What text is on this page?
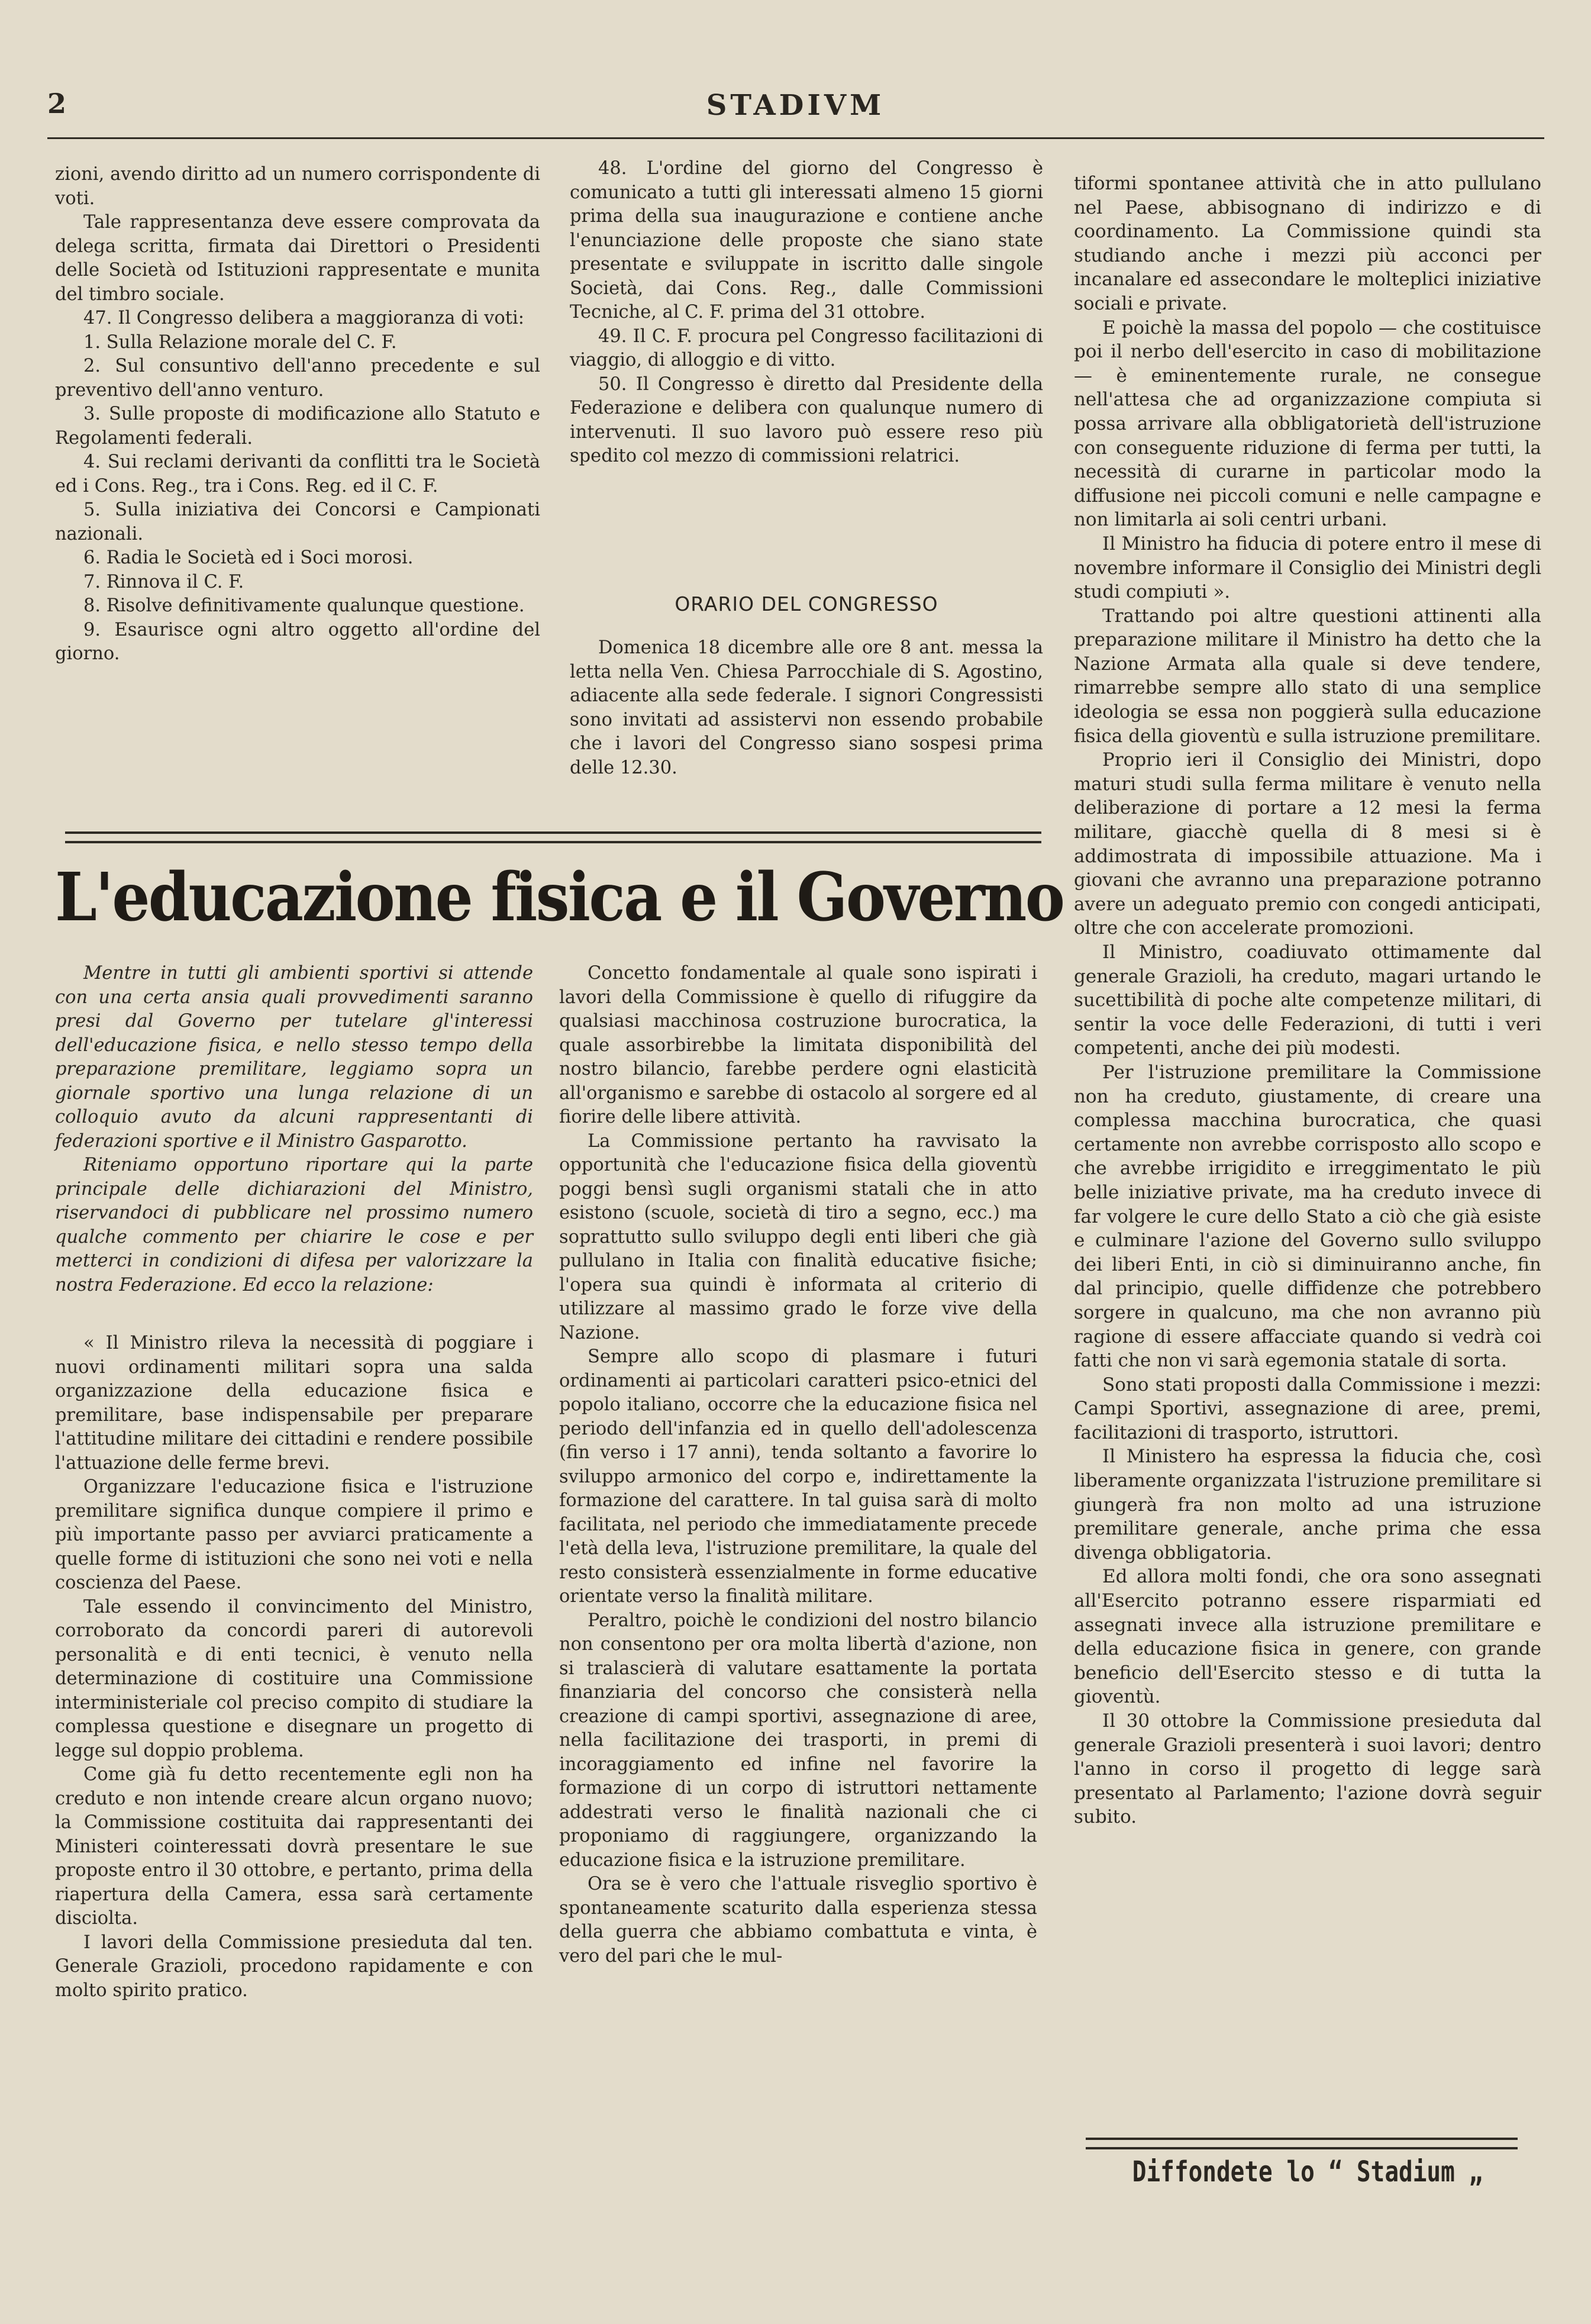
2	STADIVM

zioni, avendo diritto ad un numero corrispondente di voti.

Tale rappresentanza deve essere comprovata da delega scritta, firmata dai Direttori o Presidenti delle Società od Istituzioni rappresentate e munita del timbro sociale.

47. Il Congresso delibera a maggioranza di voti:

1. Sulla Relazione morale del C. F.

2. Sul consuntivo dell'anno precedente e sul preventivo dell'anno venturo.

3. Sulle proposte di modificazione allo Statuto e Regolamenti federali.

4. Sui reclami derivanti da conflitti tra le Società ed i Cons. Reg., tra i Cons. Reg. ed il C. F.

5. Sulla iniziativa dei Concorsi e Campionati nazionali.

6. Radia le Società ed i Soci morosi.

7. Rinnova il C. F.

8. Risolve definitivamente qualunque questione.

9. Esaurisce ogni altro oggetto all'ordine del giorno.

48. L'ordine del giorno del Congresso è comunicato a tutti gli interessati almeno 15 giorni prima della sua inaugurazione e contiene anche l'enunciazione delle proposte che siano state presentate e sviluppate in iscritto dalle singole Società, dai Cons. Reg., dalle Commissioni Tecniche, al C. F. prima del 31 ottobre.

49. Il C. F. procura pel Congresso facilitazioni di viaggio, di alloggio e di vitto.

50. Il Congresso è diretto dal Presidente della Federazione e delibera con qualunque numero di intervenuti. Il suo lavoro può essere reso più spedito col mezzo di commissioni relatrici.

ORARIO DEL CONGRESSO

Domenica 18 dicembre alle ore 8 ant. messa la letta nella Ven. Chiesa Parrocchiale di S. Agostino, adiacente alla sede federale. I signori Congressisti sono invitati ad assistervi non essendo probabile che i lavori del Congresso siano sospesi prima delle 12.30.

L'educazione fisica e il Governo

Mentre in tutti gli ambienti sportivi si attende con una certa ansia quali provvedimenti saranno presi dal Governo per tutelare gl'interessi dell'educazione fisica, e nello stesso tempo della preparazione premilitare, leggiamo sopra un giornale sportivo una lunga relazione di un colloquio avuto da alcuni rappresentanti di federazioni sportive e il Ministro Gasparotto.

Riteniamo opportuno riportare qui la parte principale delle dichiarazioni del Ministro, riservandoci di pubblicare nel prossimo numero qualche commento per chiarire le cose e per metterci in condizioni di difesa per valorizzare la nostra Federazione. Ed ecco la relazione:

« Il Ministro rileva la necessità di poggiare i nuovi ordinamenti militari sopra una salda organizzazione della educazione fisica e premilitare, base indispensabile per preparare l'attitudine militare dei cittadini e rendere possibile l'attuazione delle ferme brevi.

Organizzare l'educazione fisica e l'istruzione premilitare significa dunque compiere il primo e più importante passo per avviarci praticamente a quelle forme di istituzioni che sono nei voti e nella coscienza del Paese.

Tale essendo il convincimento del Ministro, corroborato da concordi pareri di autorevoli personalità e di enti tecnici, è venuto nella determinazione di costituire una Commissione interministeriale col preciso compito di studiare la complessa questione e disegnare un progetto di legge sul doppio problema.

Come già fu detto recentemente egli non ha creduto e non intende creare alcun organo nuovo; la Commissione costituita dai rappresentanti dei Ministeri cointeressati dovrà presentare le sue proposte entro il 30 ottobre, e pertanto, prima della riapertura della Camera, essa sarà certamente disciolta.

I lavori della Commissione presieduta dal ten. Generale Grazioli, procedono rapidamente e con molto spirito pratico.

Concetto fondamentale al quale sono ispirati i lavori della Commissione è quello di rifuggire da qualsiasi macchinosa costruzione burocratica, la quale assorbirebbe la limitata disponibilità del nostro bilancio, farebbe perdere ogni elasticità all'organismo e sarebbe di ostacolo al sorgere ed al fiorire delle libere attività.

La Commissione pertanto ha ravvisato la opportunità che l'educazione fisica della gioventù poggi bensì sugli organismi statali che in atto esistono (scuole, società di tiro a segno, ecc.) ma soprattutto sullo sviluppo degli enti liberi che già pullulano in Italia con finalità educative fisiche; l'opera sua quindi è informata al criterio di utilizzare al massimo grado le forze vive della Nazione.

Sempre allo scopo di plasmare i futuri ordinamenti ai particolari caratteri psico-etnici del popolo italiano, occorre che la educazione fisica nel periodo dell'infanzia ed in quello dell'adolescenza (fin verso i 17 anni), tenda soltanto a favorire lo sviluppo armonico del corpo e, indirettamente la formazione del carattere. In tal guisa sarà di molto facilitata, nel periodo che immediatamente precede l'età della leva, l'istruzione premilitare, la quale del resto consisterà essenzialmente in forme educative orientate verso la finalità militare.

Peraltro, poichè le condizioni del nostro bilancio non consentono per ora molta libertà d'azione, non si tralascierà di valutare esattamente la portata finanziaria del concorso che consisterà nella creazione di campi sportivi, assegnazione di aree, nella facilitazione dei trasporti, in premi di incoraggiamento ed infine nel favorire la formazione di un corpo di istruttori nettamente addestrati verso le finalità nazionali che ci proponiamo di raggiungere, organizzando la educazione fisica e la istruzione premilitare.

Ora se è vero che l'attuale risveglio sportivo è spontaneamente scaturito dalla esperienza stessa della guerra che abbiamo combattuta e vinta, è vero del pari che le mul-

tiformi spontanee attività che in atto pullulano nel Paese, abbisognano di indirizzo e di coordinamento. La Commissione quindi sta studiando anche i mezzi più acconci per incanalare ed assecondare le molteplici iniziative sociali e private.

E poichè la massa del popolo — che costituisce poi il nerbo dell'esercito in caso di mobilitazione — è eminentemente rurale, ne consegue nell'attesa che ad organizzazione compiuta si possa arrivare alla obbligatorietà dell'istruzione con conseguente riduzione di ferma per tutti, la necessità di curarne in particolar modo la diffusione nei piccoli comuni e nelle campagne e non limitarla ai soli centri urbani.

Il Ministro ha fiducia di potere entro il mese di novembre informare il Consiglio dei Ministri degli studi compiuti ».

Trattando poi altre questioni attinenti alla preparazione militare il Ministro ha detto che la Nazione Armata alla quale si deve tendere, rimarrebbe sempre allo stato di una semplice ideologia se essa non poggierà sulla educazione fisica della gioventù e sulla istruzione premilitare.

Proprio ieri il Consiglio dei Ministri, dopo maturi studi sulla ferma militare è venuto nella deliberazione di portare a 12 mesi la ferma militare, giacchè quella di 8 mesi si è addimostrata di impossibile attuazione. Ma i giovani che avranno una preparazione potranno avere un adeguato premio con congedi anticipati, oltre che con accelerate promozioni.

Il Ministro, coadiuvato ottimamente dal generale Grazioli, ha creduto, magari urtando le sucettibilità di poche alte competenze militari, di sentir la voce delle Federazioni, di tutti i veri competenti, anche dei più modesti.

Per l'istruzione premilitare la Commissione non ha creduto, giustamente, di creare una complessa macchina burocratica, che quasi certamente non avrebbe corrisposto allo scopo e che avrebbe irrigidito e irreggimentato le più belle iniziative private, ma ha creduto invece di far volgere le cure dello Stato a ciò che già esiste e culminare l'azione del Governo sullo sviluppo dei liberi Enti, in ciò si diminuiranno anche, fin dal principio, quelle diffidenze che potrebbero sorgere in qualcuno, ma che non avranno più ragione di essere affacciate quando si vedrà coi fatti che non vi sarà egemonia statale di sorta.

Sono stati proposti dalla Commissione i mezzi: Campi Sportivi, assegnazione di aree, premi, facilitazioni di trasporto, istruttori.

Il Ministero ha espressa la fiducia che, così liberamente organizzata l'istruzione premilitare si giungerà fra non molto ad una istruzione premilitare generale, anche prima che essa divenga obbligatoria.

Ed allora molti fondi, che ora sono assegnati all'Esercito potranno essere risparmiati ed assegnati invece alla istruzione premilitare e della educazione fisica in genere, con grande beneficio dell'Esercito stesso e di tutta la gioventù.

Il 30 ottobre la Commissione presieduta dal generale Grazioli presenterà i suoi lavori; dentro l'anno in corso il progetto di legge sarà presentato al Parlamento; l'azione dovrà seguir subito.

Diffondete lo “ Stadium „
